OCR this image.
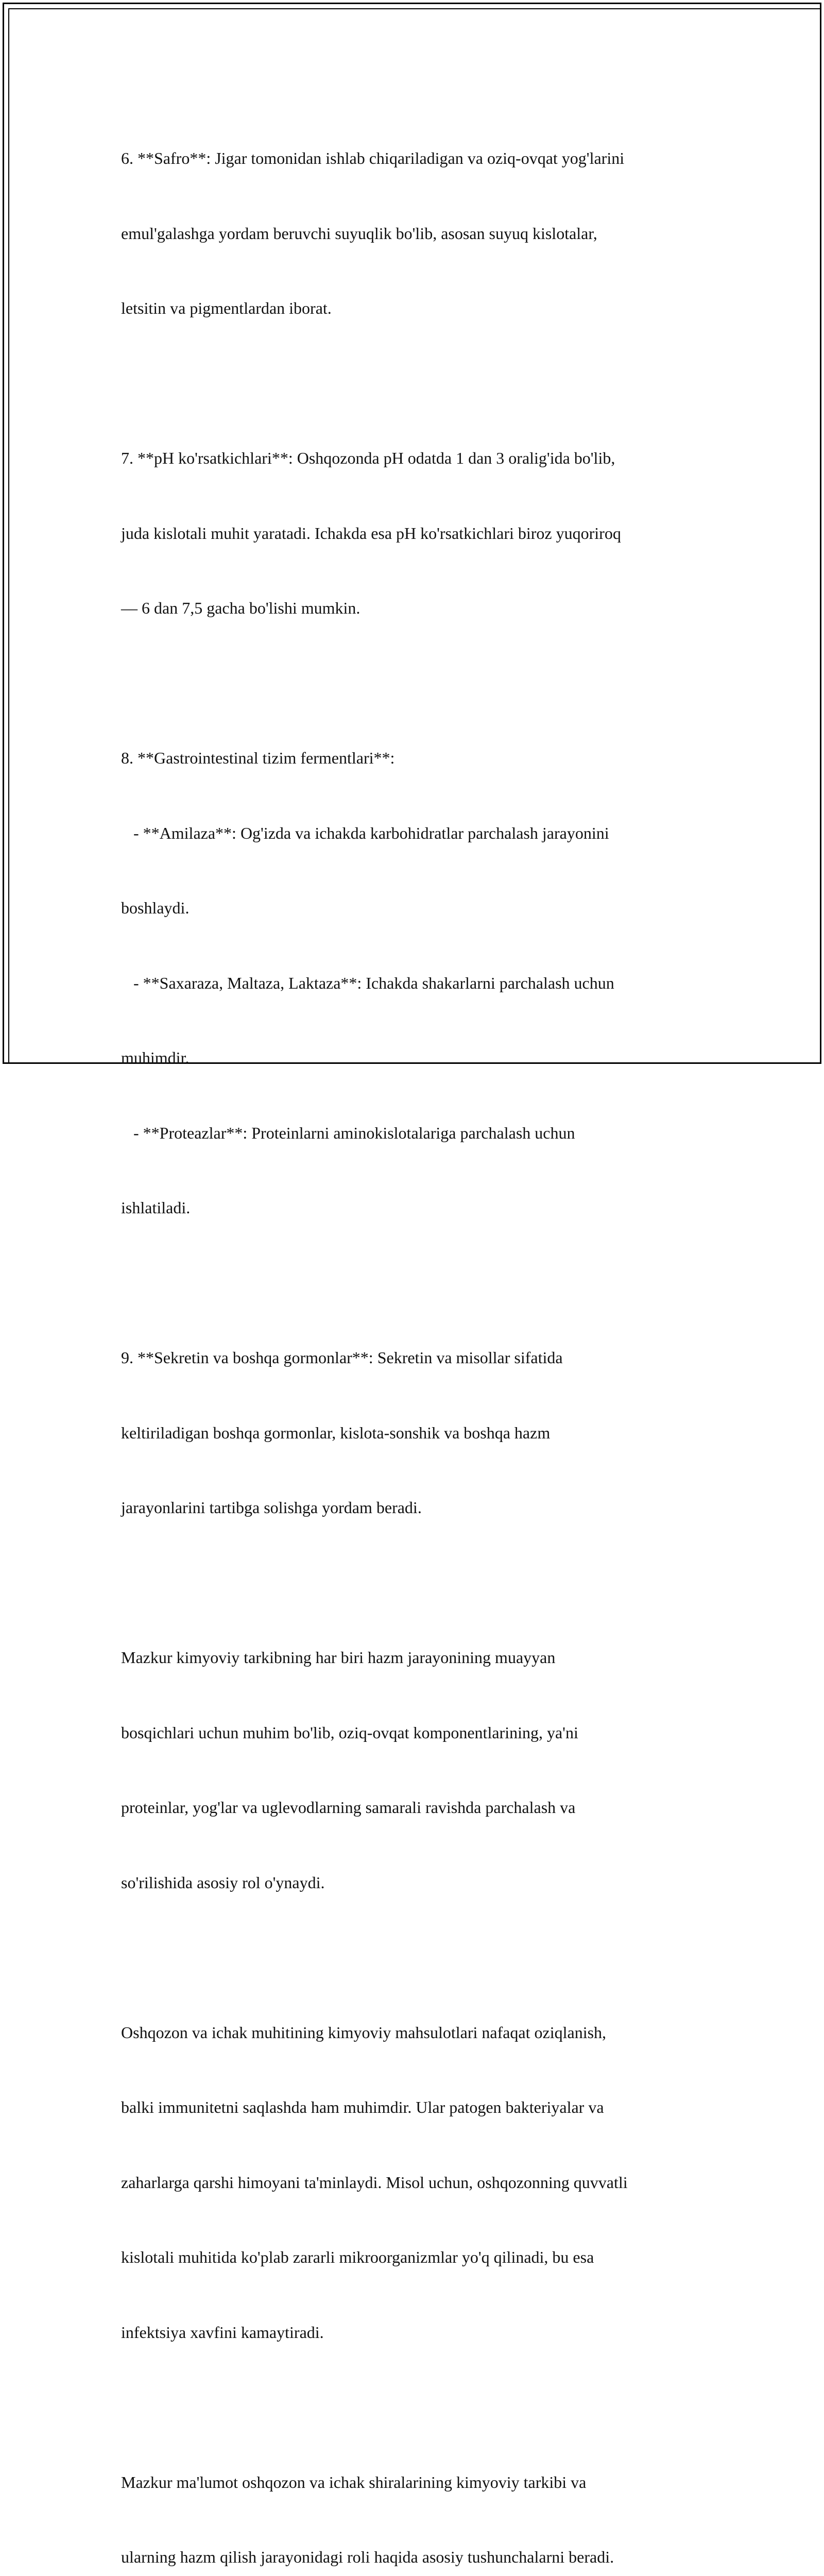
6. **Safro**: Jigar tomonidan ishlab chiqariladigan va oziq-ovqat yog'larini

emul'galashga yordam beruvchi suyuqlik bo'lib, asosan suyuq kislotalar,

letsitin va pigmentlardan iborat.

7. **pH ko'rsatkichlari**: Oshqozonda pH odatda 1 dan 3 oralig'ida bo'lib,

juda kislotali muhit yaratadi. Ichakda esa pH ko'rsatkichlari biroz yuqoriroq

— 6 dan 7,5 gacha bo'lishi mumkin.

8. **Gastrointestinal tizim fermentlari**:

- **Amilaza**: Og'izda va ichakda karbohidratlar parchalash jarayonini

boshlaydi.

- **Saxaraza, Maltaza, Laktaza**: Ichakda shakarlarni parchalash uchun

muhimdir.

- **Proteazlar**: Proteinlarni aminokislotalariga parchalash uchun

ishlatiladi.

9. **Sekretin va boshqa gormonlar**: Sekretin va misollar sifatida

keltiriladigan boshqa gormonlar, kislota-sonshik va boshqa hazm

jarayonlarini tartibga solishga yordam beradi.

Mazkur kimyoviy tarkibning har biri hazm jarayonining muayyan

bosqichlari uchun muhim bo'lib, oziq-ovqat komponentlarining, ya'ni

proteinlar, yog'lar va uglevodlarning samarali ravishda parchalash va

so'rilishida asosiy rol o'ynaydi.

Oshqozon va ichak muhitining kimyoviy mahsulotlari nafaqat oziqlanish,

balki immunitetni saqlashda ham muhimdir. Ular patogen bakteriyalar va

zaharlarga qarshi himoyani ta'minlaydi. Misol uchun, oshqozonning quvvatli

kislotali muhitida ko'plab zararli mikroorganizmlar yo'q qilinadi, bu esa

infektsiya xavfini kamaytiradi.

Mazkur ma'lumot oshqozon va ichak shiralarining kimyoviy tarkibi va

ularning hazm qilish jarayonidagi roli haqida asosiy tushunchalarni beradi.
